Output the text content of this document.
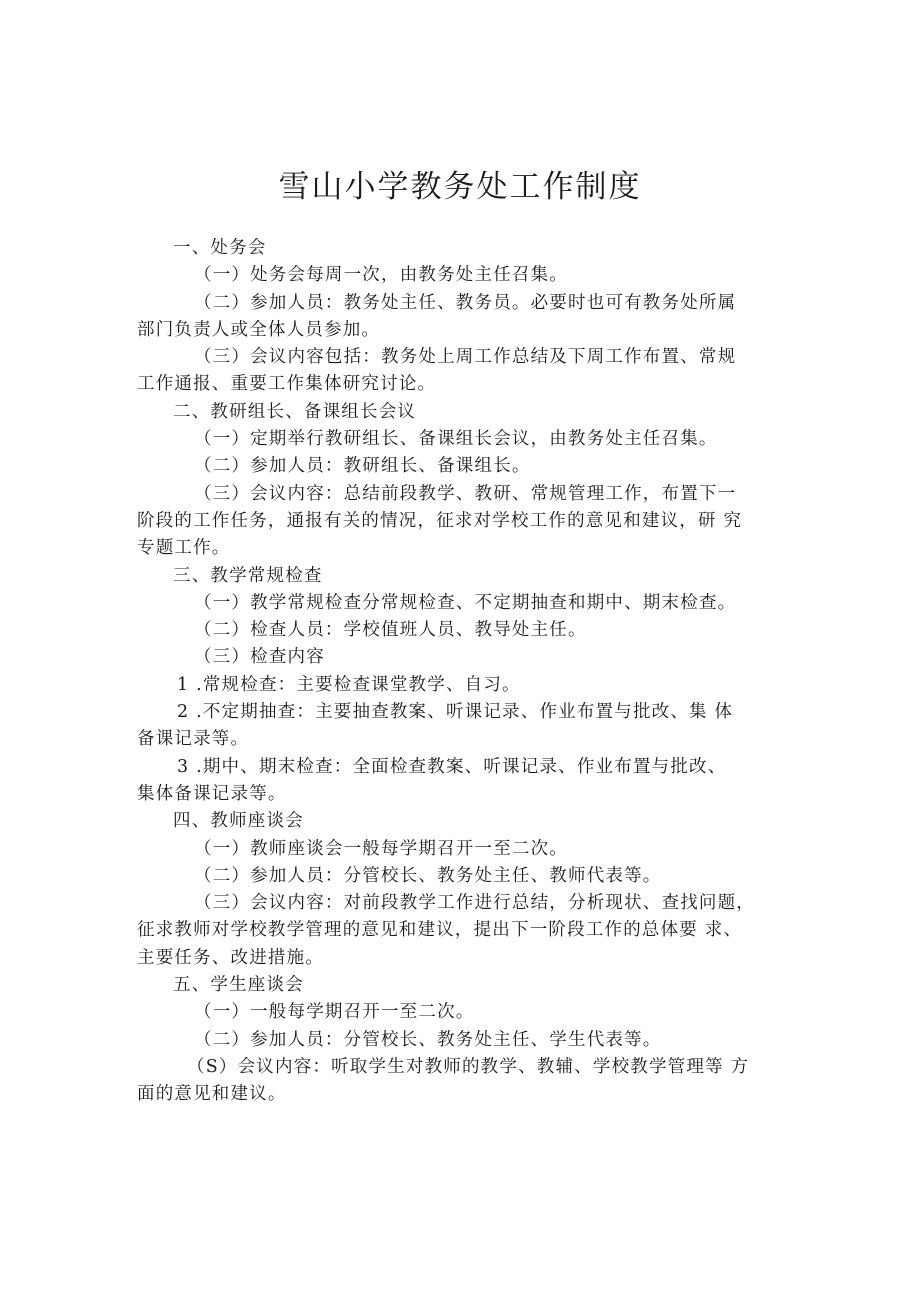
雪山小学教务处工作制度
一、处务会
（一）处务会每周一次，由教务处主任召集。
（二）参加人员：教务处主任、教务员。必要时也可有教务处所属
部门负责人或全体人员参加。
（三）会议内容包括：教务处上周工作总结及下周工作布置、常规
工作通报、重要工作集体研究讨论。
二、教研组长、备课组长会议
（一）定期举行教研组长、备课组长会议，由教务处主任召集。
（二）参加人员：教研组长、备课组长。
（三）会议内容：总结前段教学、教研、常规管理工作，布置下一
阶段的工作任务，通报有关的情况，征求对学校工作的意见和建议，研 究
专题工作。
三、教学常规检查
（一）教学常规检查分常规检查、不定期抽查和期中、期末检查。
（二）检查人员：学校值班人员、教导处主任。
（三）检查内容
1 .常规检查：主要检查课堂教学、自习。
2 .不定期抽查：主要抽查教案、听课记录、作业布置与批改、集 体
备课记录等。
3 .期中、期末检查：全面检查教案、听课记录、作业布置与批改、
集体备课记录等。
四、教师座谈会
（一）教师座谈会一般每学期召开一至二次。
（二）参加人员：分管校长、教务处主任、教师代表等。
（三）会议内容：对前段教学工作进行总结，分析现状、查找问题，
征求教师对学校教学管理的意见和建议，提出下一阶段工作的总体要 求、
主要任务、改进措施。
五、学生座谈会
（一）一般每学期召开一至二次。
（二）参加人员：分管校长、教务处主任、学生代表等。
（S）会议内容：听取学生对教师的教学、教辅、学校教学管理等 方
面的意见和建议。
